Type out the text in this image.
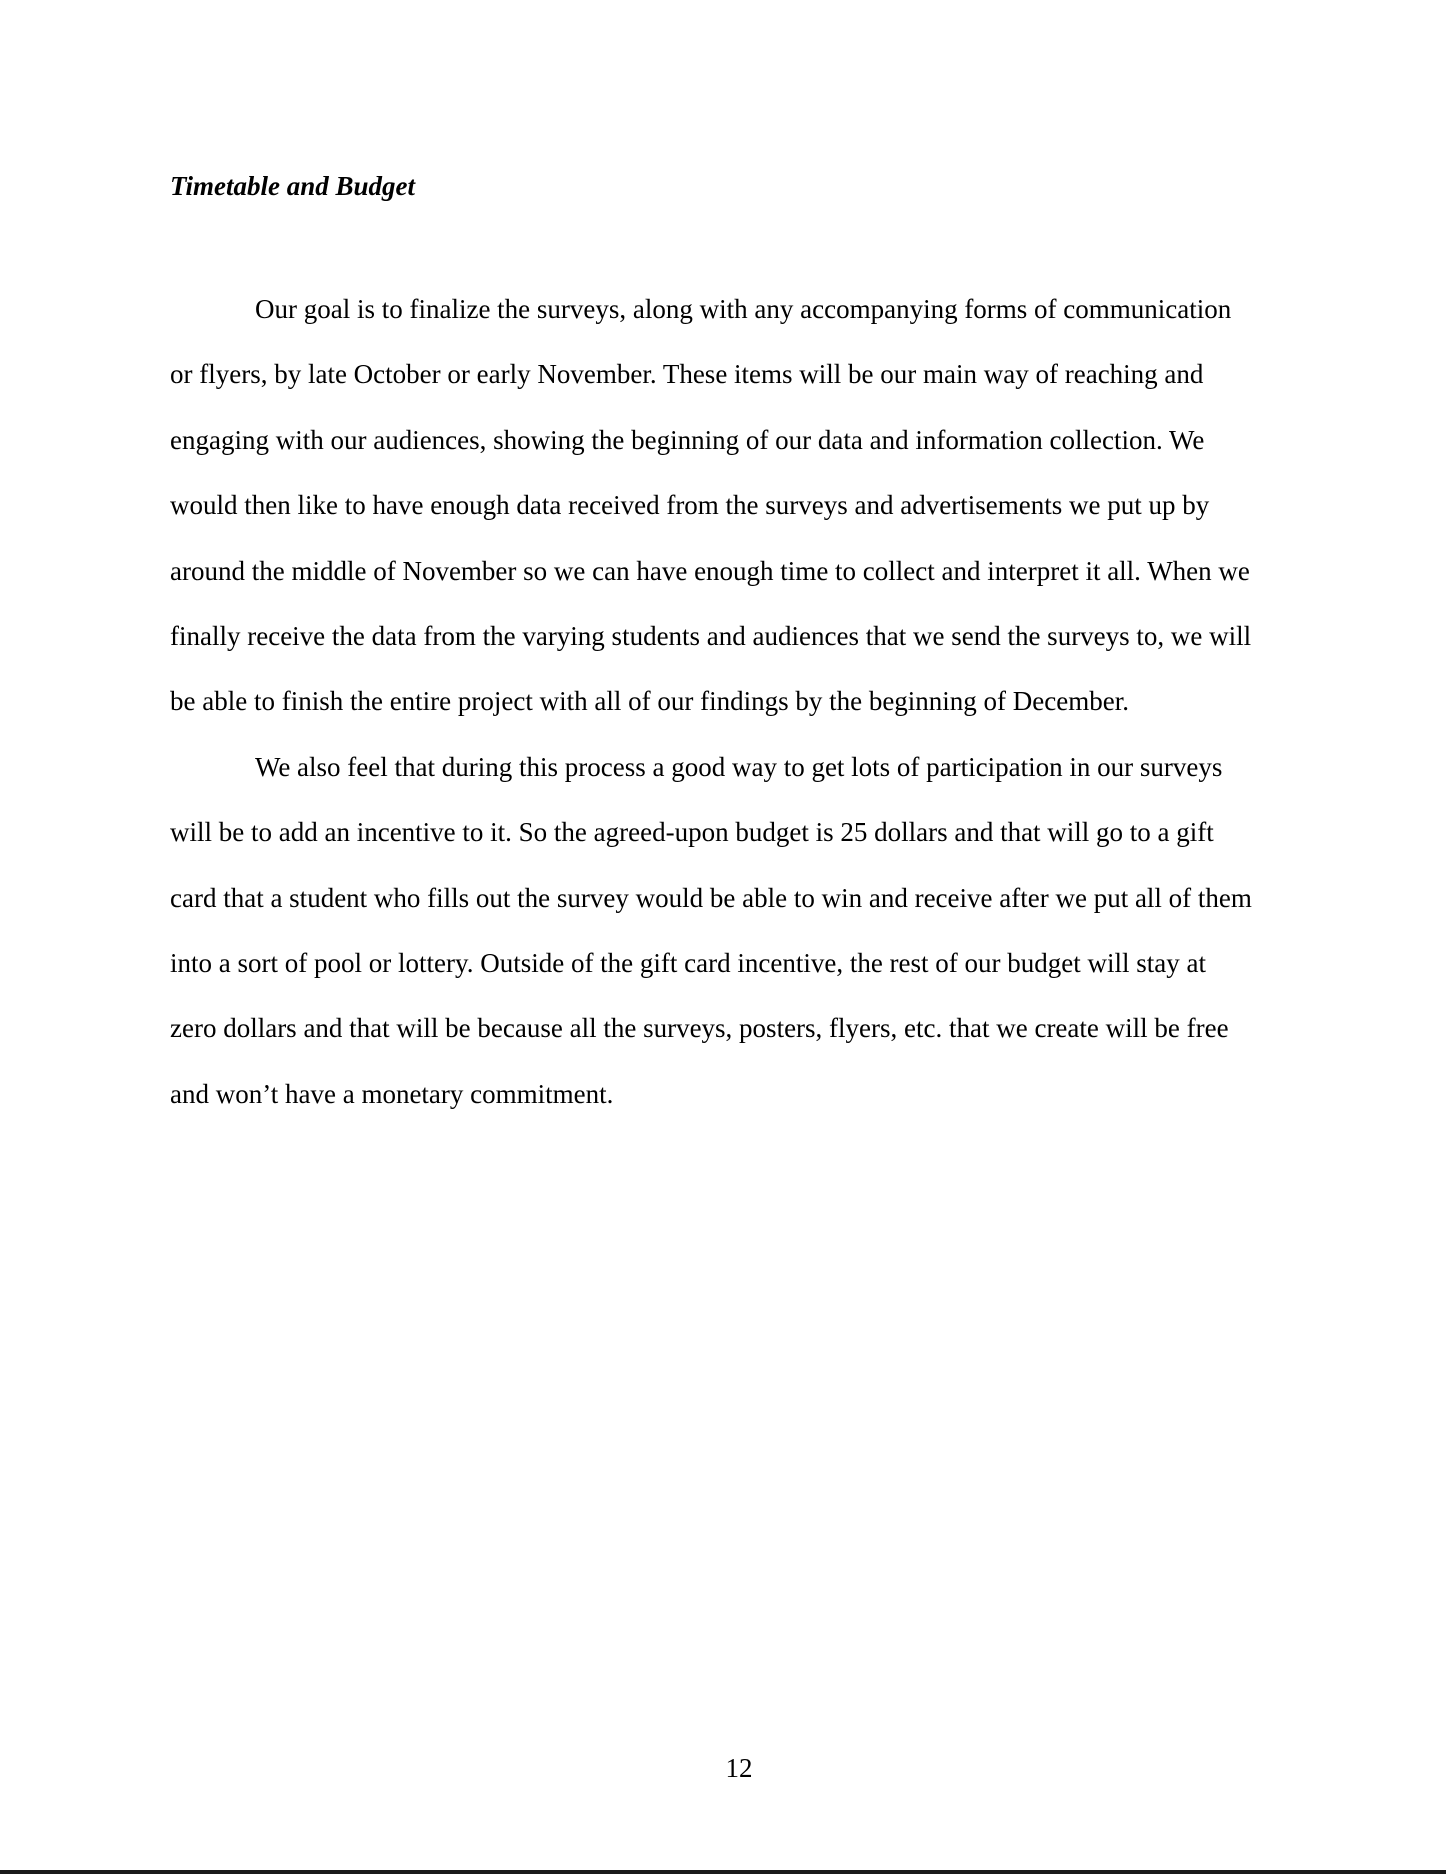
Timetable and Budget

Our goal is to finalize the surveys, along with any accompanying forms of communication
or flyers, by late October or early November. These items will be our main way of reaching and
engaging with our audiences, showing the beginning of our data and information collection. We
would then like to have enough data received from the surveys and advertisements we put up by
around the middle of November so we can have enough time to collect and interpret it all. When we
finally receive the data from the varying students and audiences that we send the surveys to, we will
be able to finish the entire project with all of our findings by the beginning of December.

We also feel that during this process a good way to get lots of participation in our surveys
will be to add an incentive to it. So the agreed-upon budget is 25 dollars and that will go to a gift
card that a student who fills out the survey would be able to win and receive after we put all of them
into a sort of pool or lottery. Outside of the gift card incentive, the rest of our budget will stay at
zero dollars and that will be because all the surveys, posters, flyers, etc. that we create will be free
and won’t have a monetary commitment.

12
